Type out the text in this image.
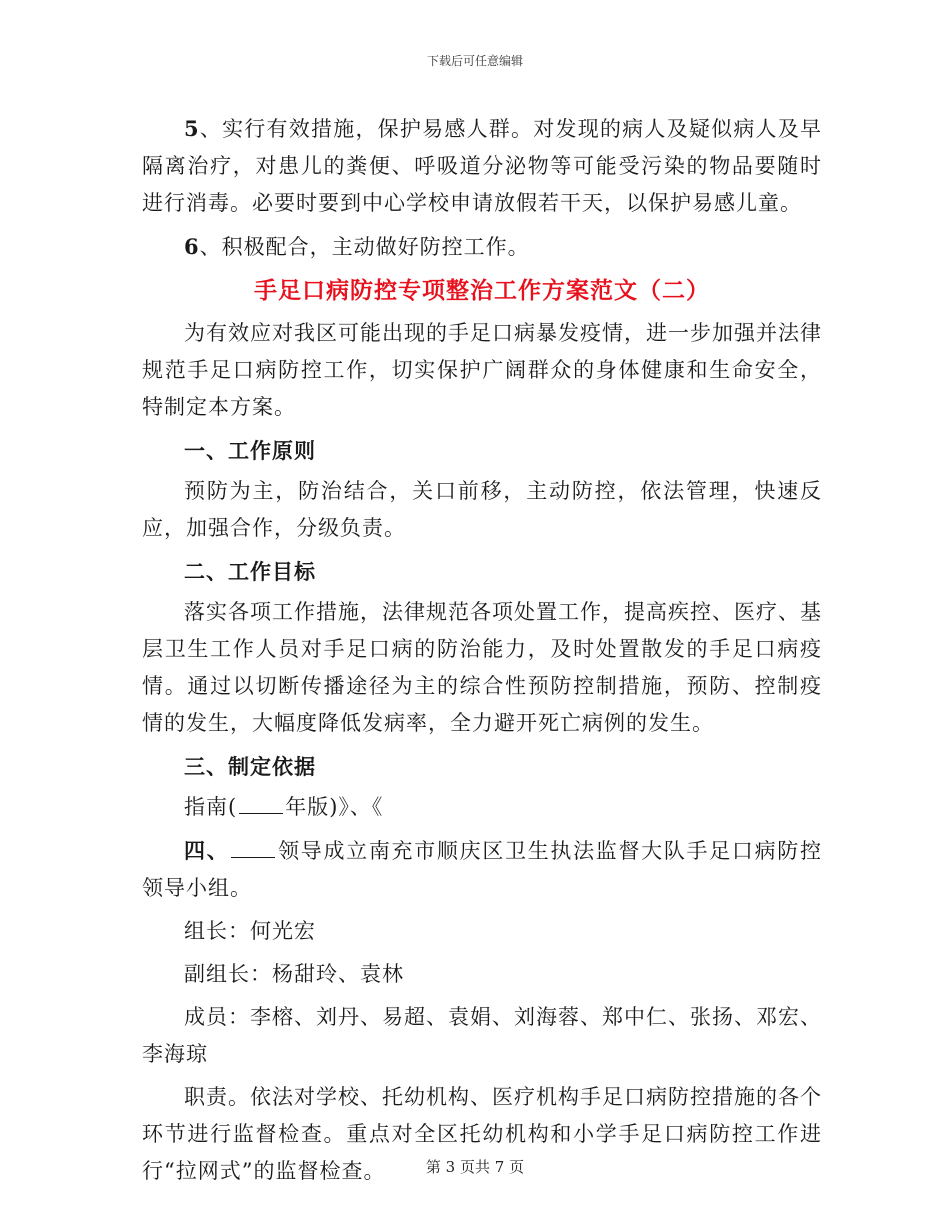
下载后可任意编辑

5、实行有效措施，保护易感人群。对发现的病人及疑似病人及早隔离治疗，对患儿的粪便、呼吸道分泌物等可能受污染的物品要随时进行消毒。必要时要到中心学校申请放假若干天，以保护易感儿童。

6、积极配合，主动做好防控工作。

手足口病防控专项整治工作方案范文（二）

为有效应对我区可能出现的手足口病暴发疫情，进一步加强并法律规范手足口病防控工作，切实保护广阔群众的身体健康和生命安全，特制定本方案。

一、工作原则

预防为主，防治结合，关口前移，主动防控，依法管理，快速反应，加强合作，分级负责。

二、工作目标

落实各项工作措施，法律规范各项处置工作，提高疾控、医疗、基层卫生工作人员对手足口病的防治能力，及时处置散发的手足口病疫情。通过以切断传播途径为主的综合性预防控制措施，预防、控制疫情的发生，大幅度降低发病率，全力避开死亡病例的发生。

三、制定依据

指南( 年版)》、《

四、 领导成立南充市顺庆区卫生执法监督大队手足口病防控领导小组。

组长：何光宏

副组长：杨甜玲、袁林

成员：李榕、刘丹、易超、袁娟、刘海蓉、郑中仁、张扬、邓宏、李海琼

职责。依法对学校、托幼机构、医疗机构手足口病防控措施的各个环节进行监督检查。重点对全区托幼机构和小学手足口病防控工作进行“拉网式”的监督检查。	第 3 页共 7 页
